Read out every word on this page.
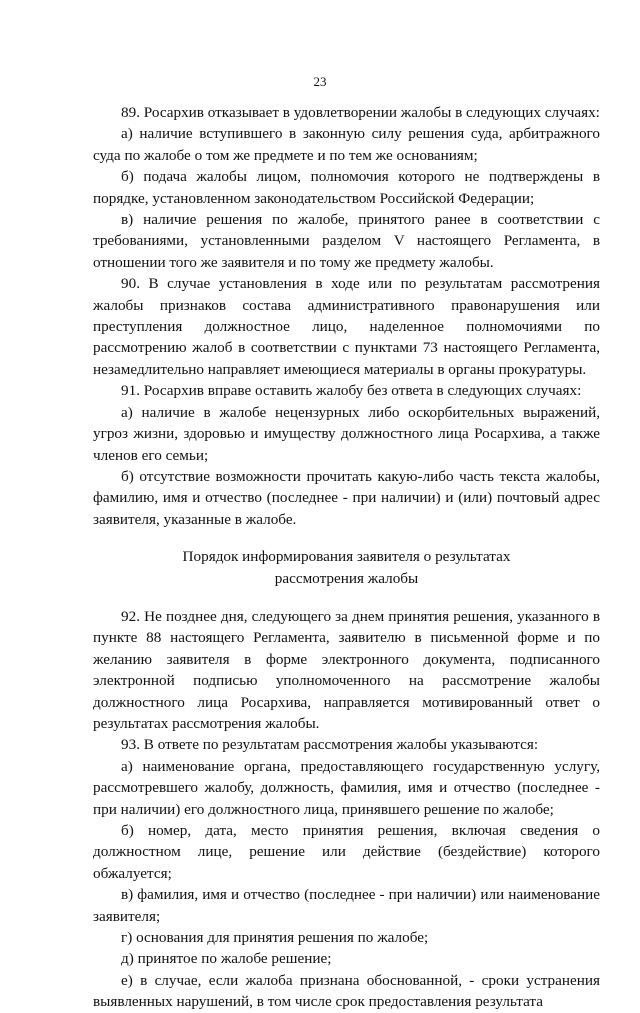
23

89. Росархив отказывает в удовлетворении жалобы в следующих случаях:

а) наличие вступившего в законную силу решения суда, арбитражного суда по жалобе о том же предмете и по тем же основаниям;

б) подача жалобы лицом, полномочия которого не подтверждены в порядке, установленном законодательством Российской Федерации;

в) наличие решения по жалобе, принятого ранее в соответствии с требованиями, установленными разделом V настоящего Регламента, в отношении того же заявителя и по тому же предмету жалобы.

90. В случае установления в ходе или по результатам рассмотрения жалобы признаков состава административного правонарушения или преступления должностное лицо, наделенное полномочиями по рассмотрению жалоб в соответствии с пунктами 73 настоящего Регламента, незамедлительно направляет имеющиеся материалы в органы прокуратуры.

91. Росархив вправе оставить жалобу без ответа в следующих случаях:

а) наличие в жалобе нецензурных либо оскорбительных выражений, угроз жизни, здоровью и имуществу должностного лица Росархива, а также членов его семьи;

б) отсутствие возможности прочитать какую-либо часть текста жалобы, фамилию, имя и отчество (последнее - при наличии) и (или) почтовый адрес заявителя, указанные в жалобе.

Порядок информирования заявителя о результатах
рассмотрения жалобы

92. Не позднее дня, следующего за днем принятия решения, указанного в пункте 88 настоящего Регламента, заявителю в письменной форме и по желанию заявителя в форме электронного документа, подписанного электронной подписью уполномоченного на рассмотрение жалобы должностного лица Росархива, направляется мотивированный ответ о результатах рассмотрения жалобы.

93. В ответе по результатам рассмотрения жалобы указываются:

а) наименование органа, предоставляющего государственную услугу, рассмотревшего жалобу, должность, фамилия, имя и отчество (последнее - при наличии) его должностного лица, принявшего решение по жалобе;

б) номер, дата, место принятия решения, включая сведения о должностном лице, решение или действие (бездействие) которого обжалуется;

в) фамилия, имя и отчество (последнее - при наличии) или наименование заявителя;

г) основания для принятия решения по жалобе;

д) принятое по жалобе решение;

е) в случае, если жалоба признана обоснованной, - сроки устранения выявленных нарушений, в том числе срок предоставления результата
